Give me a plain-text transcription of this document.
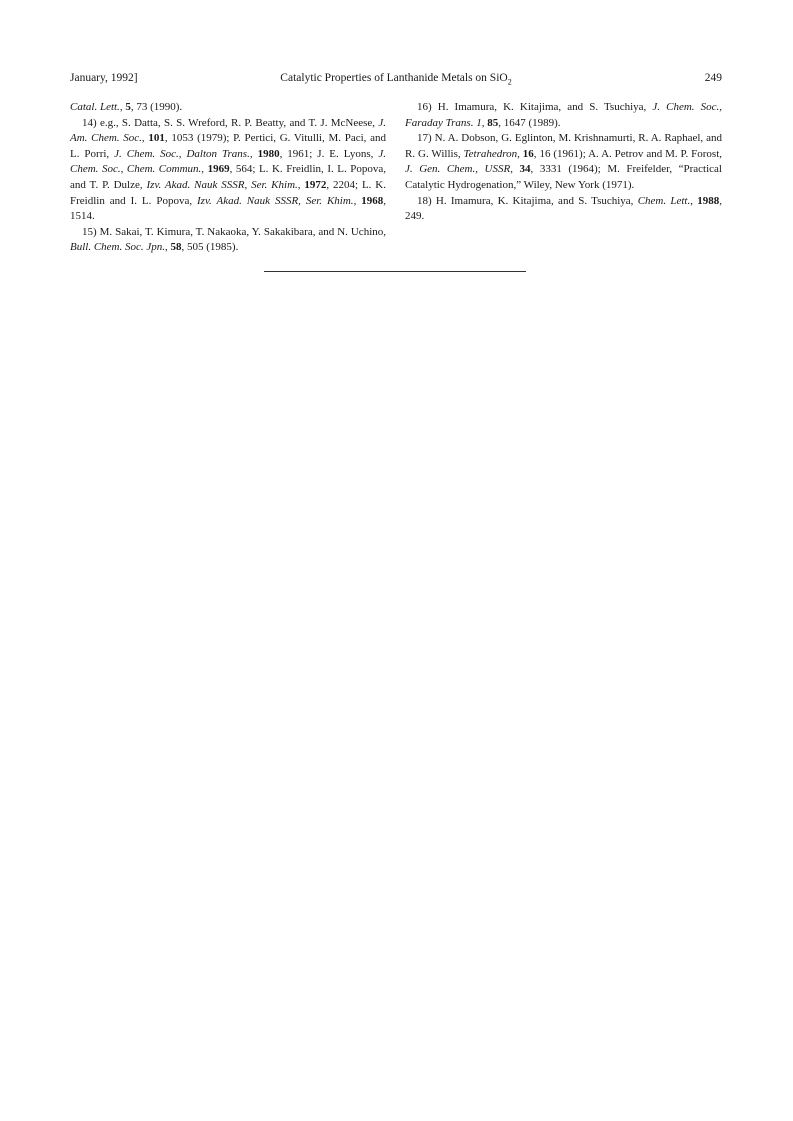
January, 1992]	Catalytic Properties of Lanthanide Metals on SiO$_2$	249

Catal. Lett., 5, 73 (1990).

14) e.g., S. Datta, S. S. Wreford, R. P. Beatty, and T. J. McNeese, J. Am. Chem. Soc., 101, 1053 (1979); P. Pertici, G. Vitulli, M. Paci, and L. Porri, J. Chem. Soc., Dalton Trans., 1980, 1961; J. E. Lyons, J. Chem. Soc., Chem. Commun., 1969, 564; L. K. Freidlin, I. L. Popova, and T. P. Dulze, Izv. Akad. Nauk SSSR, Ser. Khim., 1972, 2204; L. K. Freidlin and I. L. Popova, Izv. Akad. Nauk SSSR, Ser. Khim., 1968, 1514.

15) M. Sakai, T. Kimura, T. Nakaoka, Y. Sakakibara, and N. Uchino, Bull. Chem. Soc. Jpn., 58, 505 (1985).

16) H. Imamura, K. Kitajima, and S. Tsuchiya, J. Chem. Soc., Faraday Trans. 1, 85, 1647 (1989).

17) N. A. Dobson, G. Eglinton, M. Krishnamurti, R. A. Raphael, and R. G. Willis, Tetrahedron, 16, 16 (1961); A. A. Petrov and M. P. Forost, J. Gen. Chem., USSR, 34, 3331 (1964); M. Freifelder, “Practical Catalytic Hydrogenation,” Wiley, New York (1971).

18) H. Imamura, K. Kitajima, and S. Tsuchiya, Chem. Lett., 1988, 249.
